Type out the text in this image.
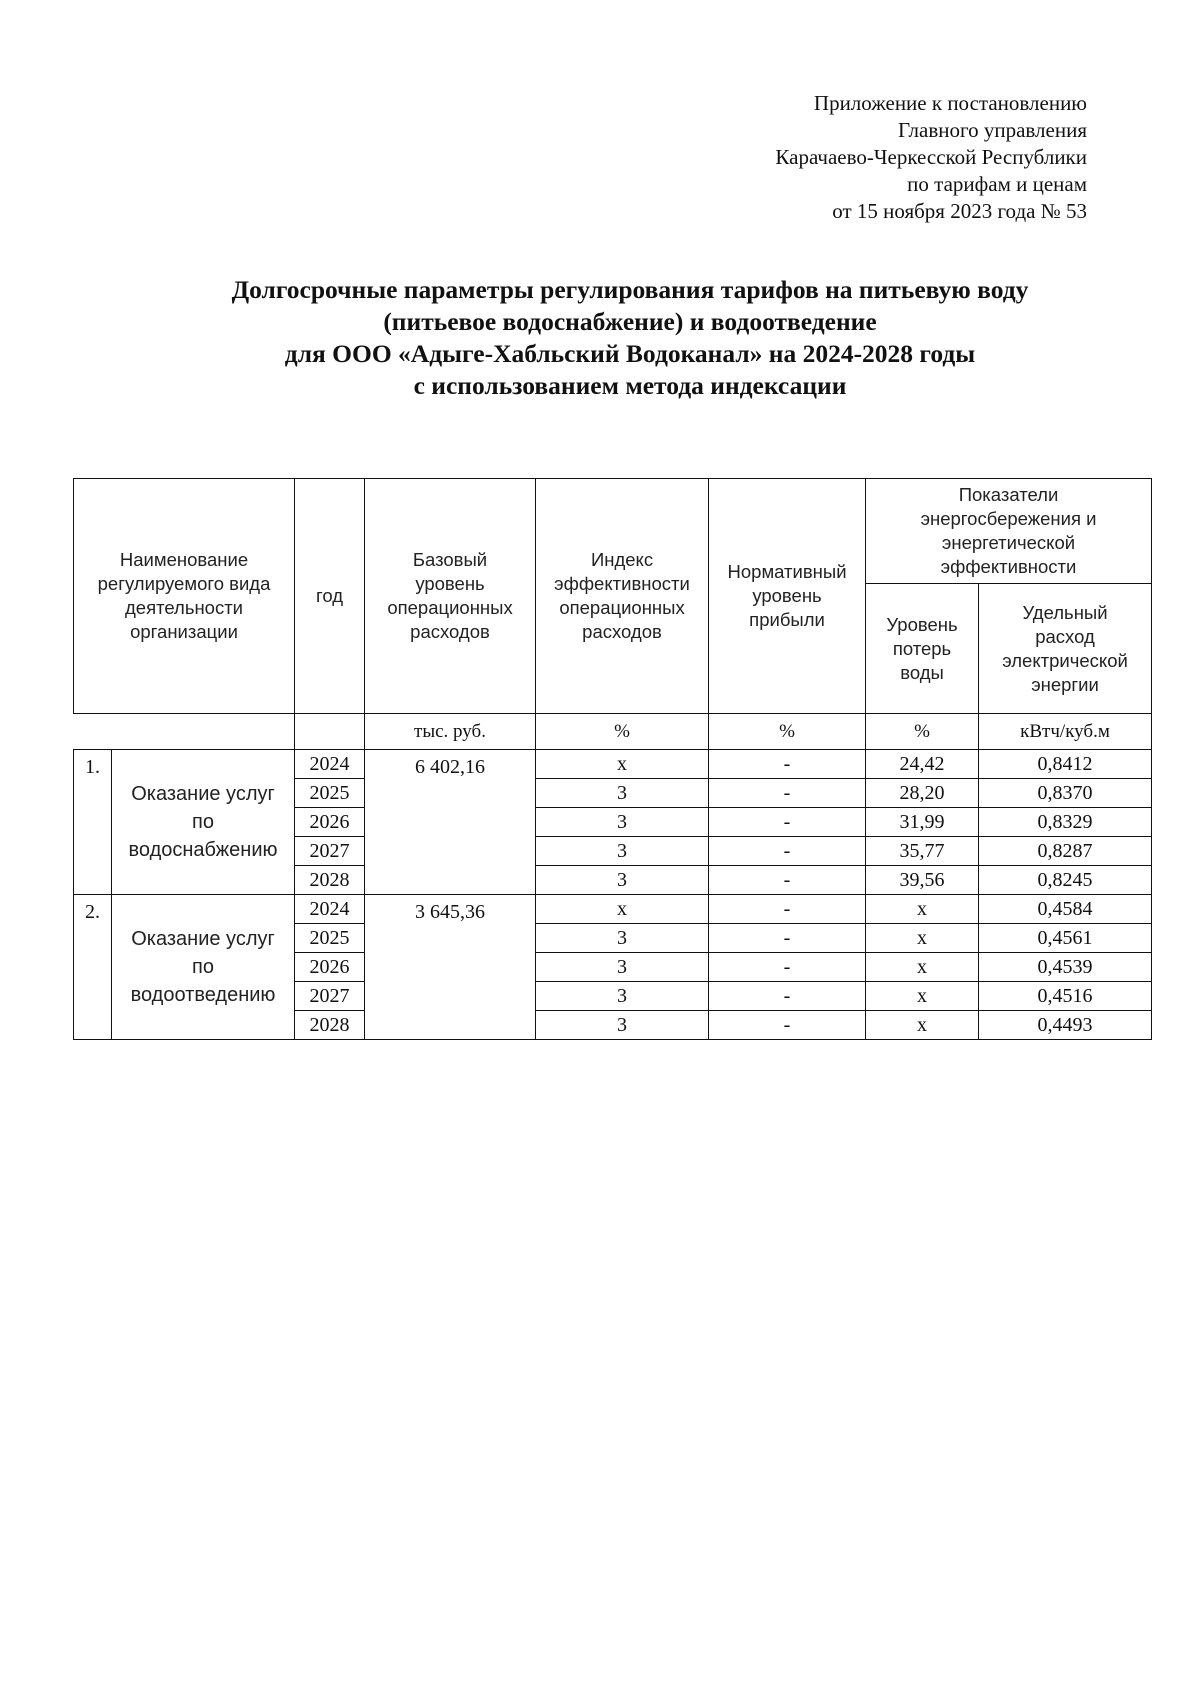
Приложение к постановлению
Главного управления
Карачаево-Черкесской Республики
по тарифам и ценам
от 15 ноября 2023 года № 53
Долгосрочные параметры регулирования тарифов на питьевую воду
(питьевое водоснабжение) и водоотведение
для ООО «Адыге-Хабльский Водоканал» на 2024-2028 годы
с использованием метода индексации
Наименование регулируемого вида деятельности организации		год	Базовый уровень операционных расходов	Индекс эффективности операционных расходов	Нормативный уровень прибыли	Показатели энергосбережения и энергетической эффективности	
						Уровень потерь воды	Удельный расход электрической энергии
			тыс. руб.	%	%	%	кВтч/куб.м
1.	Оказание услуг по водоснабжению	2024	6 402,16	x	-	24,42	0,8412
		2025		3	-	28,20	0,8370
		2026		3	-	31,99	0,8329
		2027		3	-	35,77	0,8287
		2028		3	-	39,56	0,8245
2.	Оказание услуг по водоотведению	2024	3 645,36	x	-	x	0,4584
		2025		3	-	x	0,4561
		2026		3	-	x	0,4539
		2027		3	-	x	0,4516
		2028		3	-	x	0,4493
